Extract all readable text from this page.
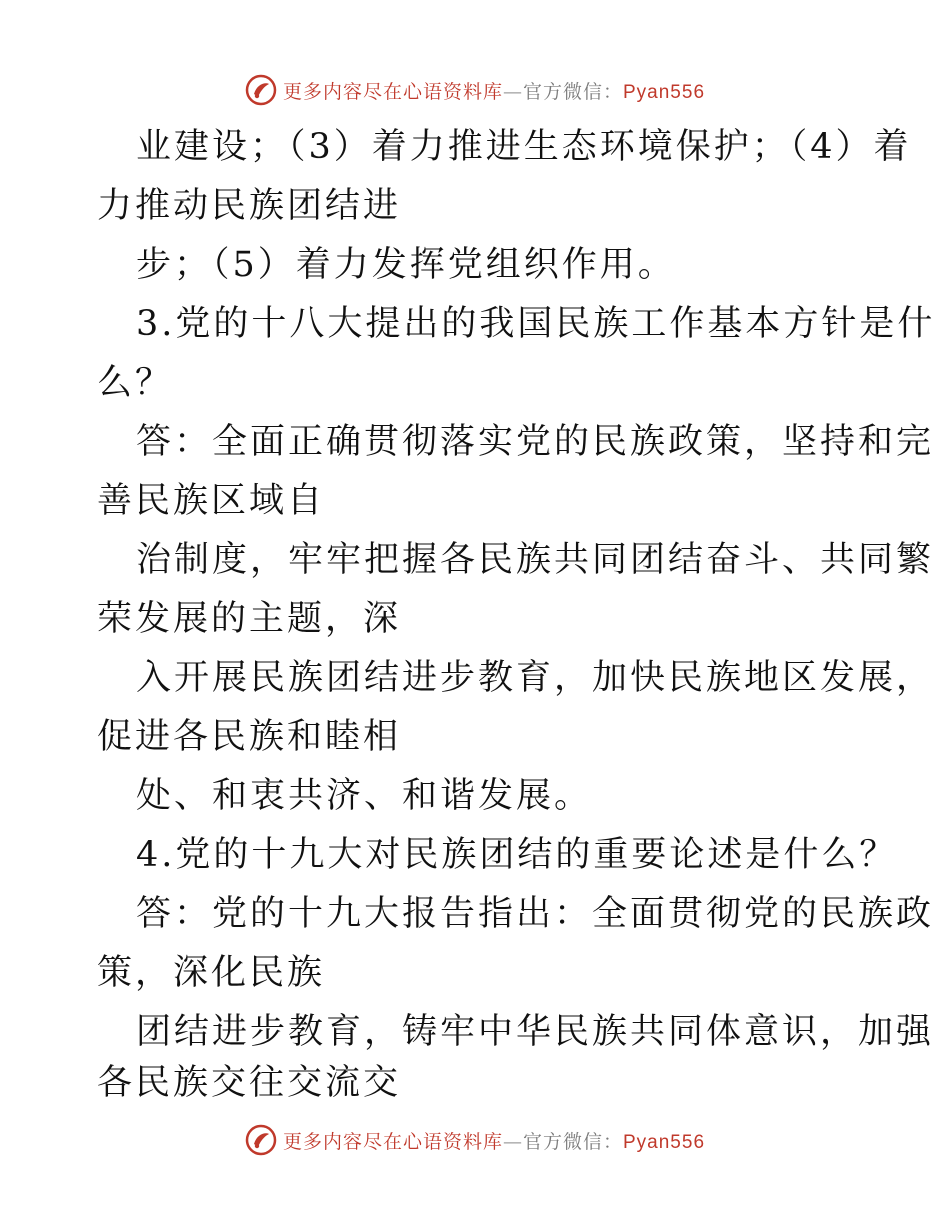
更多内容尽在心语资料库—官方微信：Pyan556
业建设；（3）着力推进生态环境保护；（4）着
力推动民族团结进
步；（5）着力发挥党组织作用。
3.党的十八大提出的我国民族工作基本方针是什
么？
答：全面正确贯彻落实党的民族政策，坚持和完
善民族区域自
治制度，牢牢把握各民族共同团结奋斗、共同繁
荣发展的主题，深
入开展民族团结进步教育，加快民族地区发展，
促进各民族和睦相
处、和衷共济、和谐发展。
4.党的十九大对民族团结的重要论述是什么？
答：党的十九大报告指出：全面贯彻党的民族政
策，深化民族
团结进步教育，铸牢中华民族共同体意识，加强
各民族交往交流交
更多内容尽在心语资料库—官方微信：Pyan556
